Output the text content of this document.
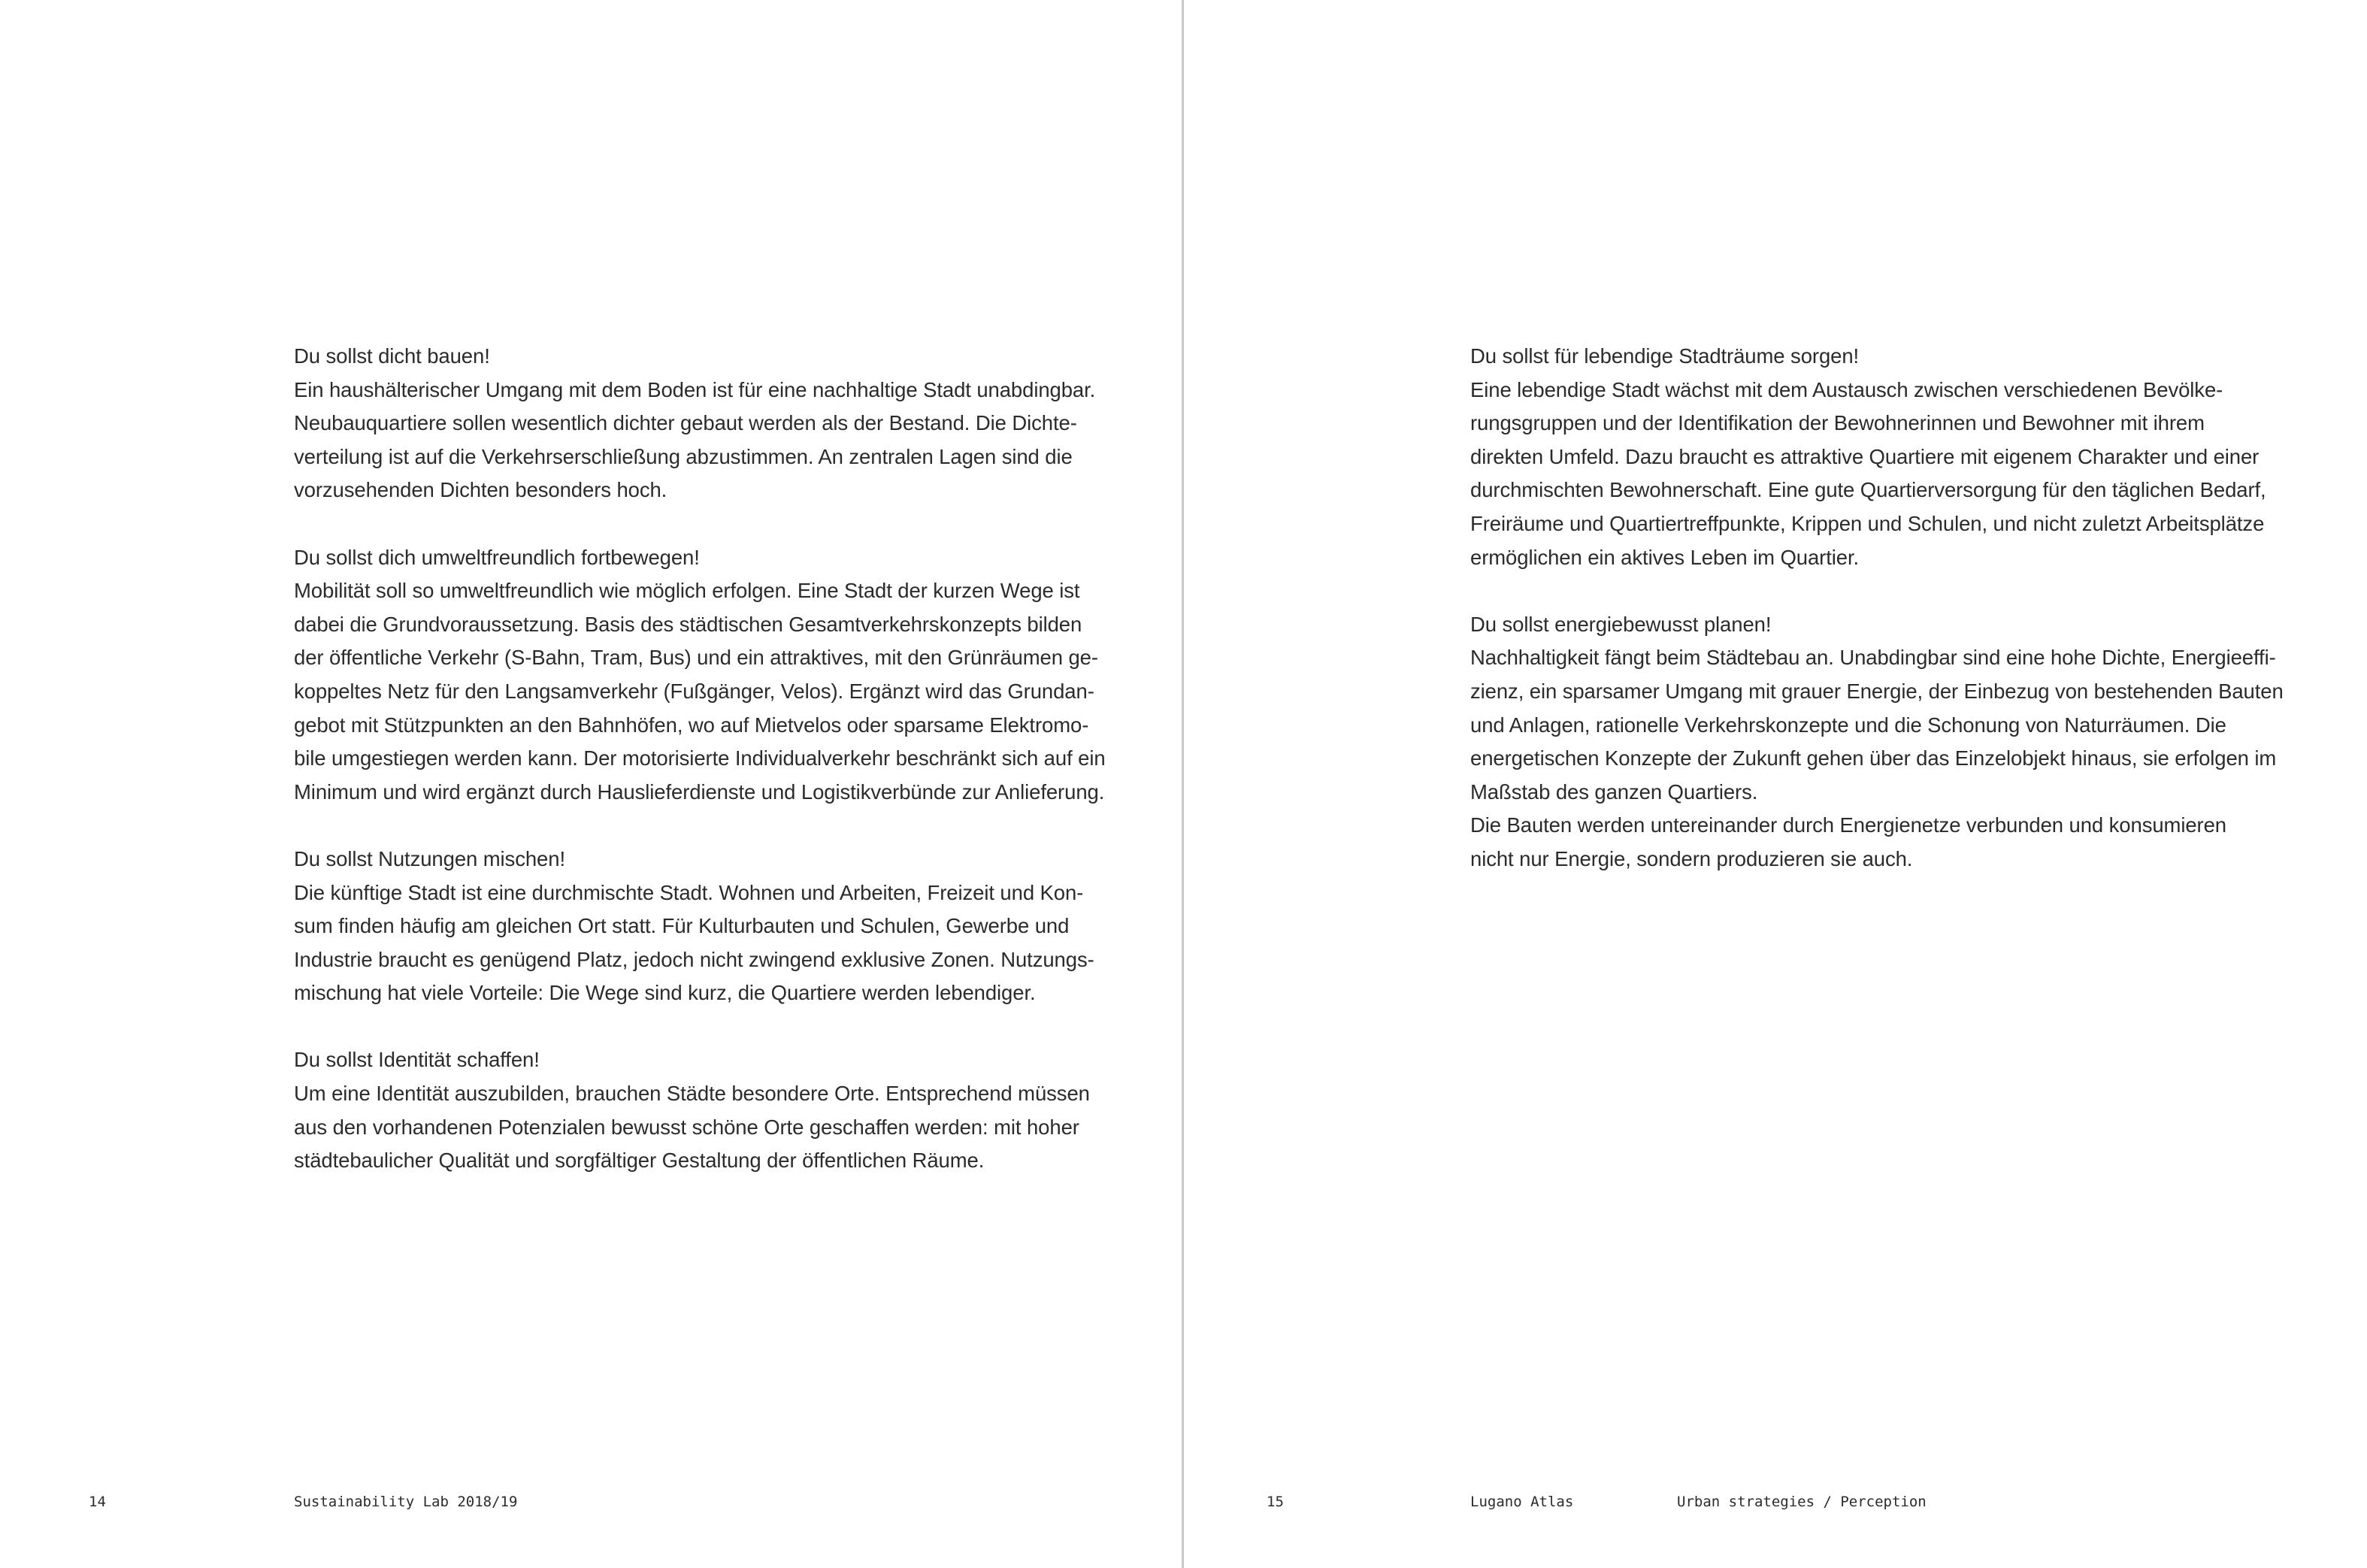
Du sollst dicht bauen!
Ein haushälterischer Umgang mit dem Boden ist für eine nachhaltige Stadt unabdingbar.
Neubauquartiere sollen wesentlich dichter gebaut werden als der Bestand. Die Dichte-
verteilung ist auf die Verkehrserschließung abzustimmen. An zentralen Lagen sind die
vorzusehenden Dichten besonders hoch.
Du sollst dich umweltfreundlich fortbewegen!
Mobilität soll so umweltfreundlich wie möglich erfolgen. Eine Stadt der kurzen Wege ist
dabei die Grundvoraussetzung. Basis des städtischen Gesamtverkehrskonzepts bilden
der öffentliche Verkehr (S-Bahn, Tram, Bus) und ein attraktives, mit den Grünräumen ge-
koppeltes Netz für den Langsamverkehr (Fußgänger, Velos). Ergänzt wird das Grundan-
gebot mit Stützpunkten an den Bahnhöfen, wo auf Mietvelos oder sparsame Elektromo-
bile umgestiegen werden kann. Der motorisierte Individualverkehr beschränkt sich auf ein
Minimum und wird ergänzt durch Hauslieferdienste und Logistikverbünde zur Anlieferung.
Du sollst Nutzungen mischen!
Die künftige Stadt ist eine durchmischte Stadt. Wohnen und Arbeiten, Freizeit und Kon-
sum finden häufig am gleichen Ort statt. Für Kulturbauten und Schulen, Gewerbe und
Industrie braucht es genügend Platz, jedoch nicht zwingend exklusive Zonen. Nutzungs-
mischung hat viele Vorteile: Die Wege sind kurz, die Quartiere werden lebendiger.
Du sollst Identität schaffen!
Um eine Identität auszubilden, brauchen Städte besondere Orte. Entsprechend müssen
aus den vorhandenen Potenzialen bewusst schöne Orte geschaffen werden: mit hoher
städtebaulicher Qualität und sorgfältiger Gestaltung der öffentlichen Räume.
14	Sustainability Lab 2018/19
Du sollst für lebendige Stadträume sorgen!
Eine lebendige Stadt wächst mit dem Austausch zwischen verschiedenen Bevölke-
rungsgruppen und der Identifikation der Bewohnerinnen und Bewohner mit ihrem
direkten Umfeld. Dazu braucht es attraktive Quartiere mit eigenem Charakter und einer
durchmischten Bewohnerschaft. Eine gute Quartierversorgung für den täglichen Bedarf,
Freiräume und Quartiertreffpunkte, Krippen und Schulen, und nicht zuletzt Arbeitsplätze
ermöglichen ein aktives Leben im Quartier.
Du sollst energiebewusst planen!
Nachhaltigkeit fängt beim Städtebau an. Unabdingbar sind eine hohe Dichte, Energieeffi-
zienz, ein sparsamer Umgang mit grauer Energie, der Einbezug von bestehenden Bauten
und Anlagen, rationelle Verkehrskonzepte und die Schonung von Naturräumen. Die
energetischen Konzepte der Zukunft gehen über das Einzelobjekt hinaus, sie erfolgen im
Maßstab des ganzen Quartiers.
Die Bauten werden untereinander durch Energienetze verbunden und konsumieren
nicht nur Energie, sondern produzieren sie auch.
15	Lugano Atlas	Urban strategies / Perception
